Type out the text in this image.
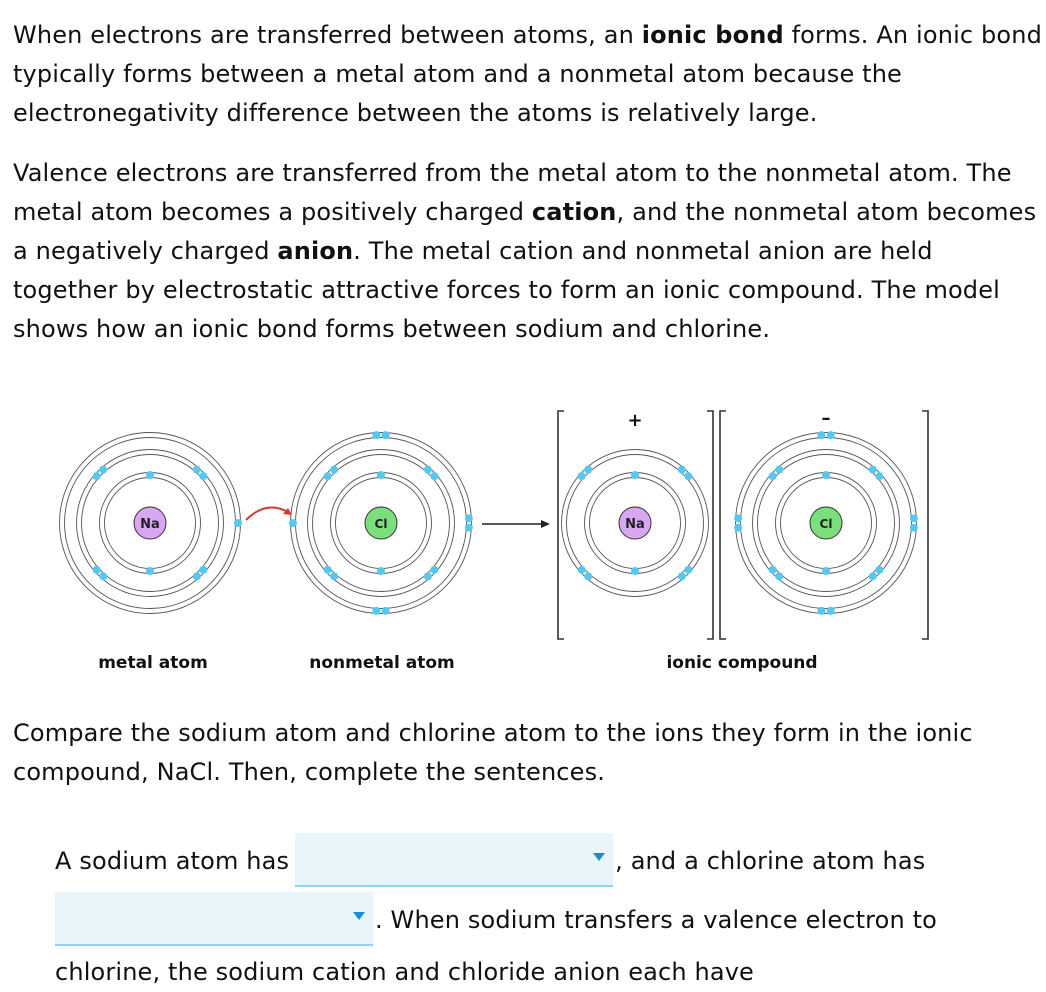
When electrons are transferred between atoms, an ionic bond forms. An ionic bond typically forms between a metal atom and a nonmetal atom because the electronegativity difference between the atoms is relatively large.

Valence electrons are transferred from the metal atom to the nonmetal atom. The metal atom becomes a positively charged cation, and the nonmetal atom becomes a negatively charged anion. The metal cation and nonmetal anion are held together by electrostatic attractive forces to form an ionic compound. The model shows how an ionic bond forms between sodium and chlorine.

+	–
Na	Cl	Na	Cl
metal atom	nonmetal atom	ionic compound

Compare the sodium atom and chlorine atom to the ions they form in the ionic compound, NaCl. Then, complete the sentences.

A sodium atom has	, and a chlorine atom has
. When sodium transfers a valence electron to
chlorine, the sodium cation and chloride anion each have
